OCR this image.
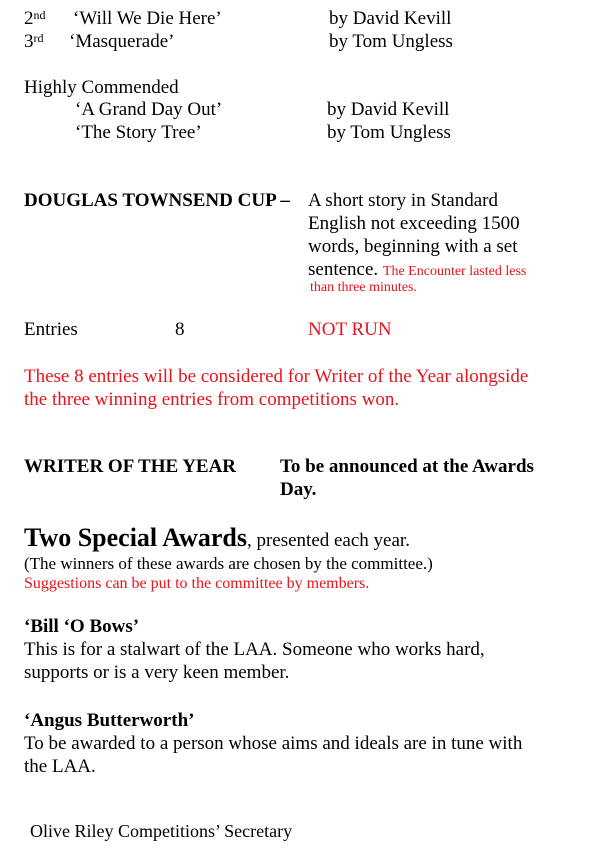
2nd ‘Will We Die Here’	by David Kevill
3rd ‘Masquerade’	by Tom Ungless
Highly Commended
‘A Grand Day Out’	by David Kevill
‘The Story Tree’	by Tom Ungless
DOUGLAS TOWNSEND CUP – A short story in Standard
English not exceeding 1500
words, beginning with a set
sentence. The Encounter lasted less
than three minutes.
Entries	8	NOT RUN
These 8 entries will be considered for Writer of the Year alongside
the three winning entries from competitions won.
WRITER OF THE YEAR To be announced at the Awards
Day.
Two Special Awards, presented each year.
(The winners of these awards are chosen by the committee.)
Suggestions can be put to the committee by members.
‘Bill ‘O Bows’
This is for a stalwart of the LAA. Someone who works hard,
supports or is a very keen member.
‘Angus Butterworth’
To be awarded to a person whose aims and ideals are in tune with
the LAA.
Olive Riley Competitions’ Secretary
